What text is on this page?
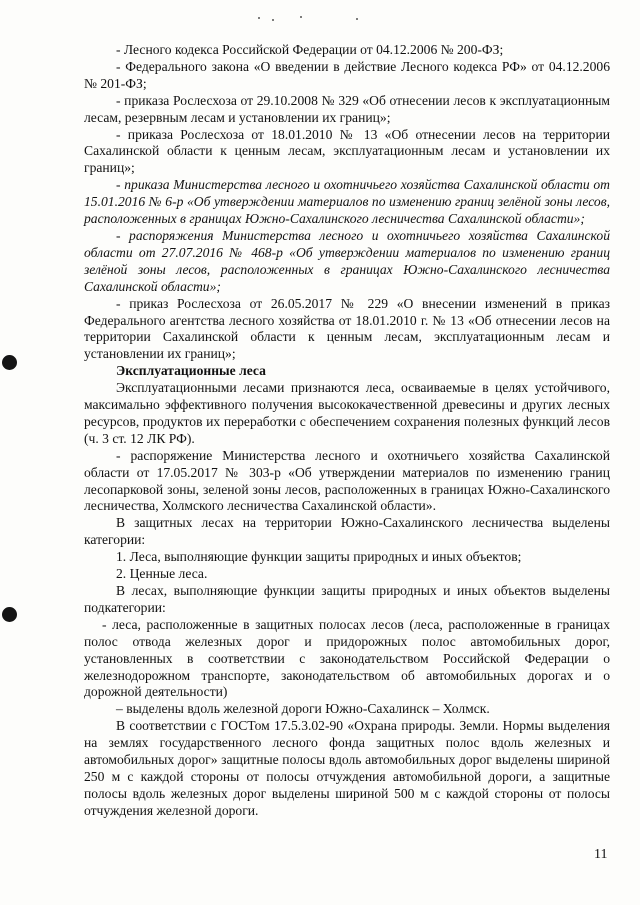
- Лесного кодекса Российской Федерации от 04.12.2006 № 200-ФЗ;

- Федерального закона «О введении в действие Лесного кодекса РФ» от 04.12.2006 № 201-ФЗ;

- приказа Рослесхоза от 29.10.2008 № 329 «Об отнесении лесов к эксплуатационным лесам, резервным лесам и установлении их границ»;

- приказа Рослесхоза от 18.01.2010 № 13 «Об отнесении лесов на территории Сахалинской области к ценным лесам, эксплуатационным лесам и установлении их границ»;

- приказа Министерства лесного и охотничьего хозяйства Сахалинской области от 15.01.2016 № 6-р «Об утверждении материалов по изменению границ зелёной зоны лесов, расположенных в границах Южно-Сахалинского лесничества Сахалинской области»;

- распоряжения Министерства лесного и охотничьего хозяйства Сахалинской области от 27.07.2016 № 468-р «Об утверждении материалов по изменению границ зелёной зоны лесов, расположенных в границах Южно-Сахалинского лесничества Сахалинской области»;

- приказ Рослесхоза от 26.05.2017 № 229 «О внесении изменений в приказ Федерального агентства лесного хозяйства от 18.01.2010 г. № 13 «Об отнесении лесов на территории Сахалинской области к ценным лесам, эксплуатационным лесам и установлении их границ»;

Эксплуатационные леса

Эксплуатационными лесами признаются леса, осваиваемые в целях устойчивого, максимально эффективного получения высококачественной древесины и других лесных ресурсов, продуктов их переработки с обеспечением сохранения полезных функций лесов (ч. 3 ст. 12 ЛК РФ).

- распоряжение Министерства лесного и охотничьего хозяйства Сахалинской области от 17.05.2017 № 303-р «Об утверждении материалов по изменению границ лесопарковой зоны, зеленой зоны лесов, расположенных в границах Южно-Сахалинского лесничества, Холмского лесничества Сахалинской области».

В защитных лесах на территории Южно-Сахалинского лесничества выделены категории:

1. Леса, выполняющие функции защиты природных и иных объектов;

2. Ценные леса.

В лесах, выполняющие функции защиты природных и иных объектов выделены подкатегории:

- леса, расположенные в защитных полосах лесов (леса, расположенные в границах полос отвода железных дорог и придорожных полос автомобильных дорог, установленных в соответствии с законодательством Российской Федерации о железнодорожном транспорте, законодательством об автомобильных дорогах и о дорожной деятельности)

– выделены вдоль железной дороги Южно-Сахалинск – Холмск.

В соответствии с ГОСТом 17.5.3.02-90 «Охрана природы. Земли. Нормы выделения на землях государственного лесного фонда защитных полос вдоль железных и автомобильных дорог» защитные полосы вдоль автомобильных дорог выделены шириной 250 м с каждой стороны от полосы отчуждения автомобильной дороги, а защитные полосы вдоль железных дорог выделены шириной 500 м с каждой стороны от полосы отчуждения железной дороги.

11
